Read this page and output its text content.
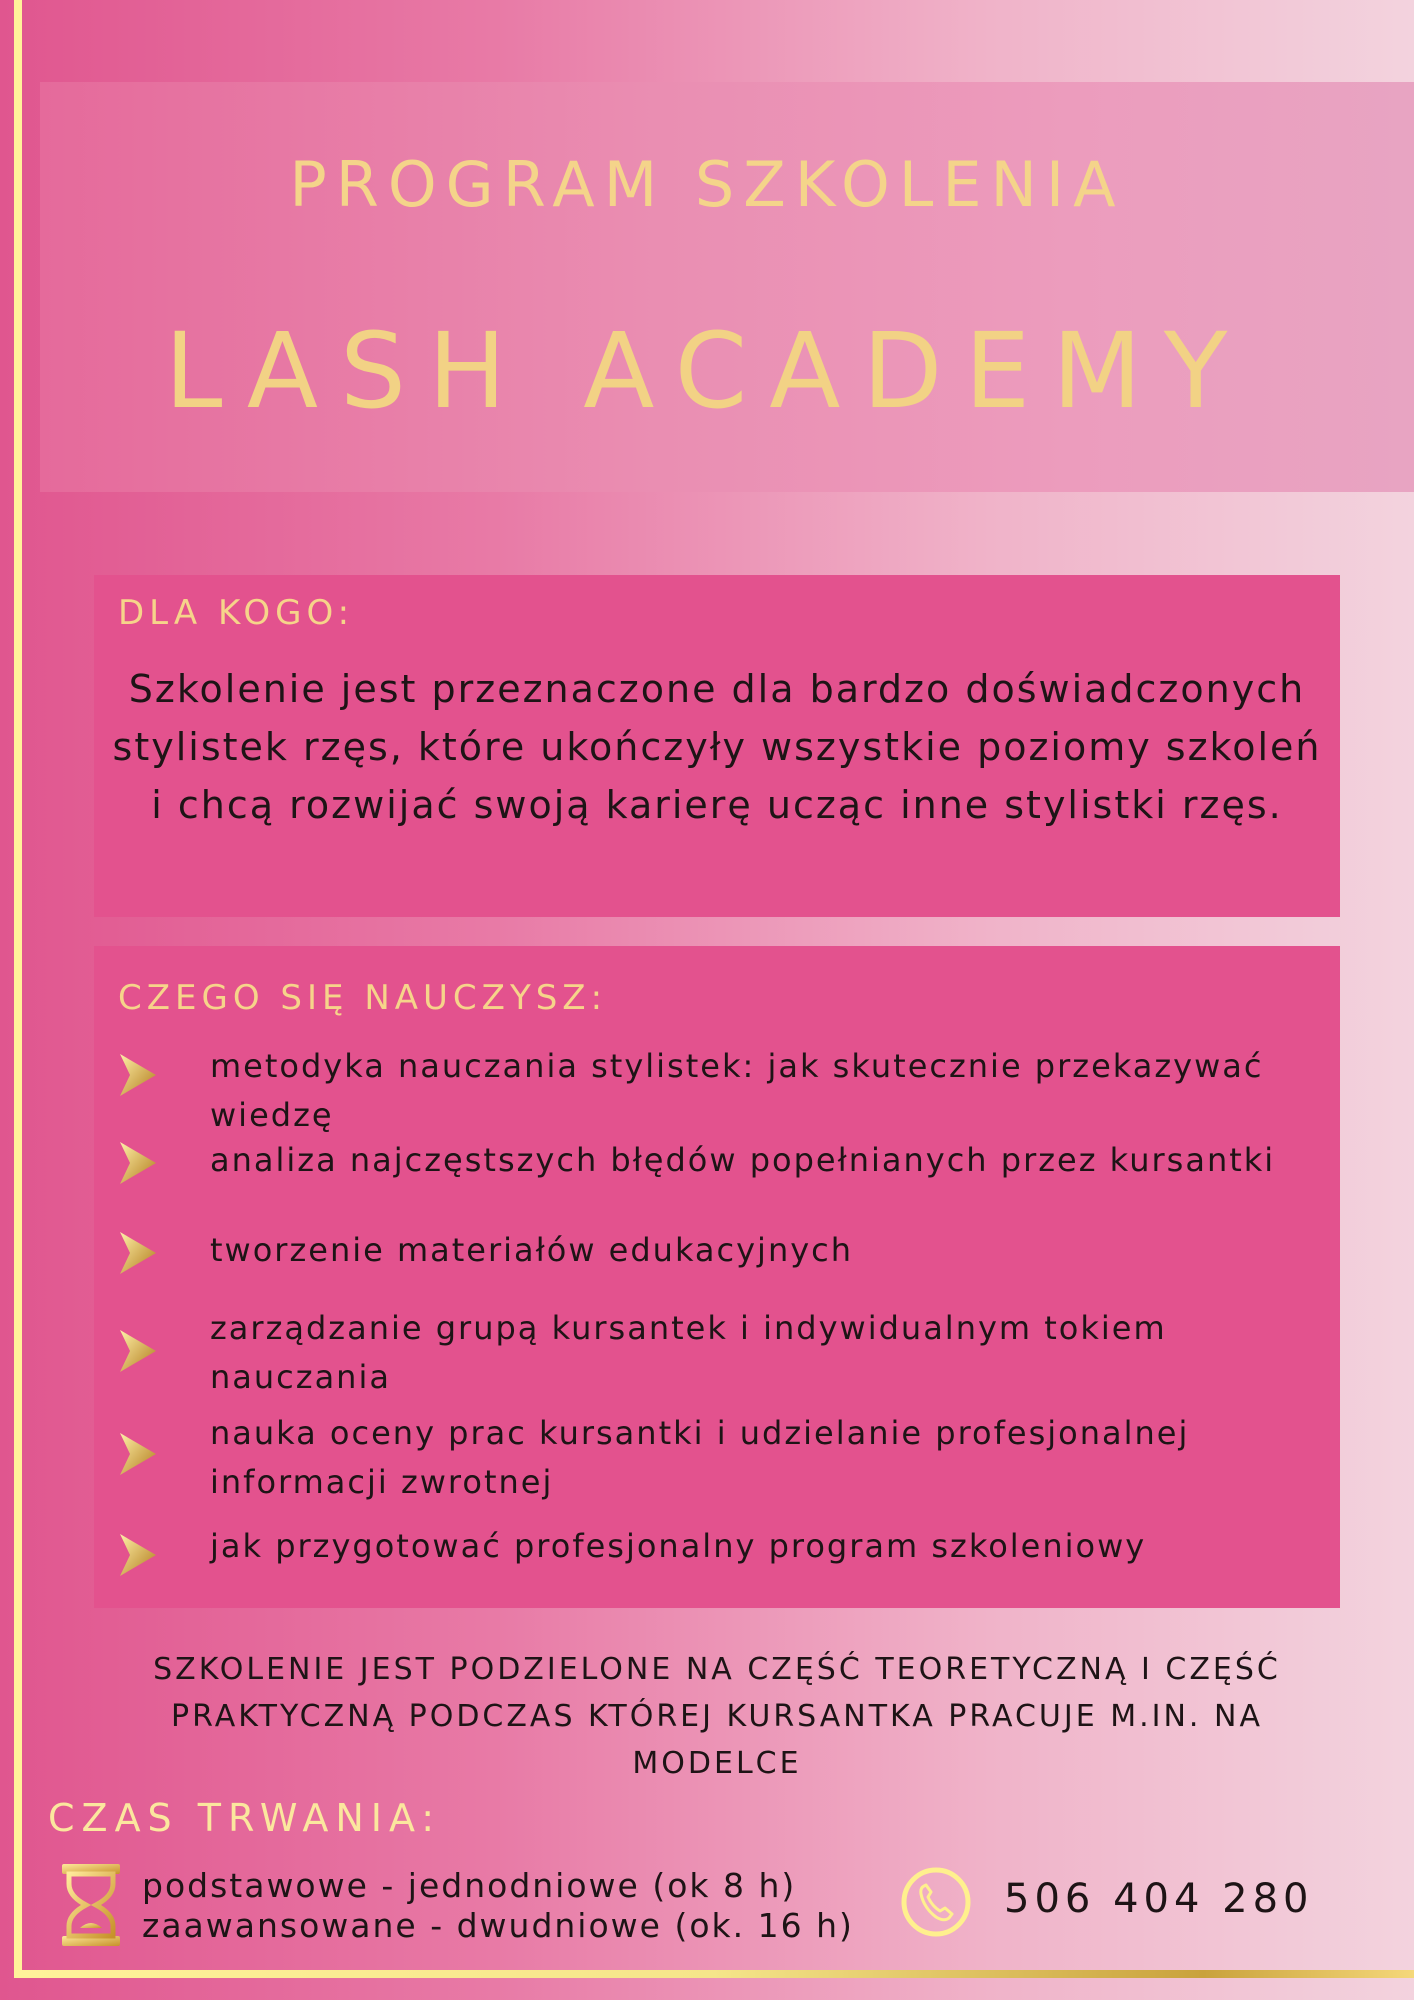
PROGRAM SZKOLENIA
LASH ACADEMY
DLA KOGO:
Szkolenie jest przeznaczone dla bardzo doświadczonych stylistek rzęs, które ukończyły wszystkie poziomy szkoleń i chcą rozwijać swoją karierę ucząc inne stylistki rzęs.
CZEGO SIĘ NAUCZYSZ:
metodyka nauczania stylistek: jak skutecznie przekazywać wiedzę
analiza najczęstszych błędów popełnianych przez kursantki
tworzenie materiałów edukacyjnych
zarządzanie grupą kursantek i indywidualnym tokiem nauczania
nauka oceny prac kursantki i udzielanie profesjonalnej informacji zwrotnej
jak przygotować profesjonalny program szkoleniowy
SZKOLENIE JEST PODZIELONE NA CZĘŚĆ TEORETYCZNĄ I CZĘŚĆ PRAKTYCZNĄ PODCZAS KTÓREJ KURSANTKA PRACUJE M.IN. NA MODELCE
CZAS TRWANIA:
podstawowe - jednodniowe (ok 8 h)
zaawansowane - dwudniowe (ok. 16 h)
506 404 280
